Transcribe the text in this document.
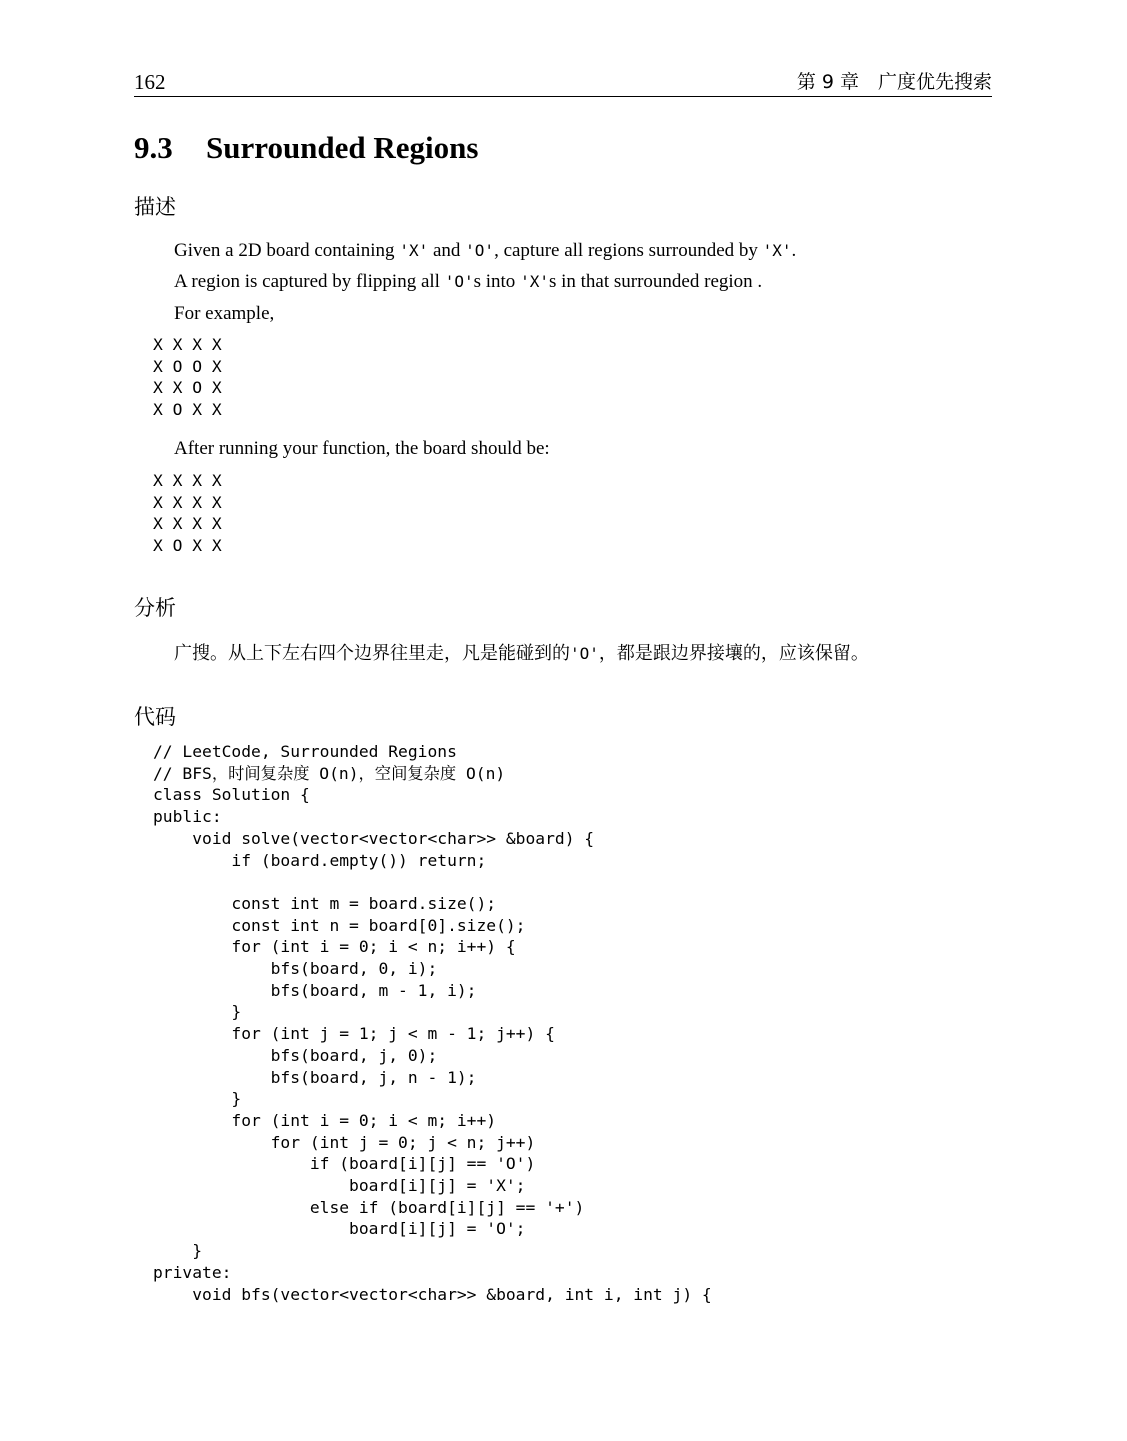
162	第 9 章　广度优先搜索
9.3 Surrounded Regions
描述
Given a 2D board containing 'X' and 'O', capture all regions surrounded by 'X'.
A region is captured by flipping all 'O's into 'X's in that surrounded region .
For example,
X X X X
X O O X
X X O X
X O X X
After running your function, the board should be:
X X X X
X X X X
X X X X
X O X X
分析
广搜。从上下左右四个边界往里走，凡是能碰到的'O'，都是跟边界接壤的，应该保留。
代码
// LeetCode, Surrounded Regions
// BFS，时间复杂度 O(n)，空间复杂度 O(n)
class Solution {
public:
void solve(vector<vector<char>> &board) {
if (board.empty()) return;

const int m = board.size();
const int n = board[0].size();
for (int i = 0; i < n; i++) {
bfs(board, 0, i);
bfs(board, m - 1, i);
}
for (int j = 1; j < m - 1; j++) {
bfs(board, j, 0);
bfs(board, j, n - 1);
}
for (int i = 0; i < m; i++)
for (int j = 0; j < n; j++)
if (board[i][j] == 'O')
board[i][j] = 'X';
else if (board[i][j] == '+')
board[i][j] = 'O';
}
private:
void bfs(vector<vector<char>> &board, int i, int j) {
